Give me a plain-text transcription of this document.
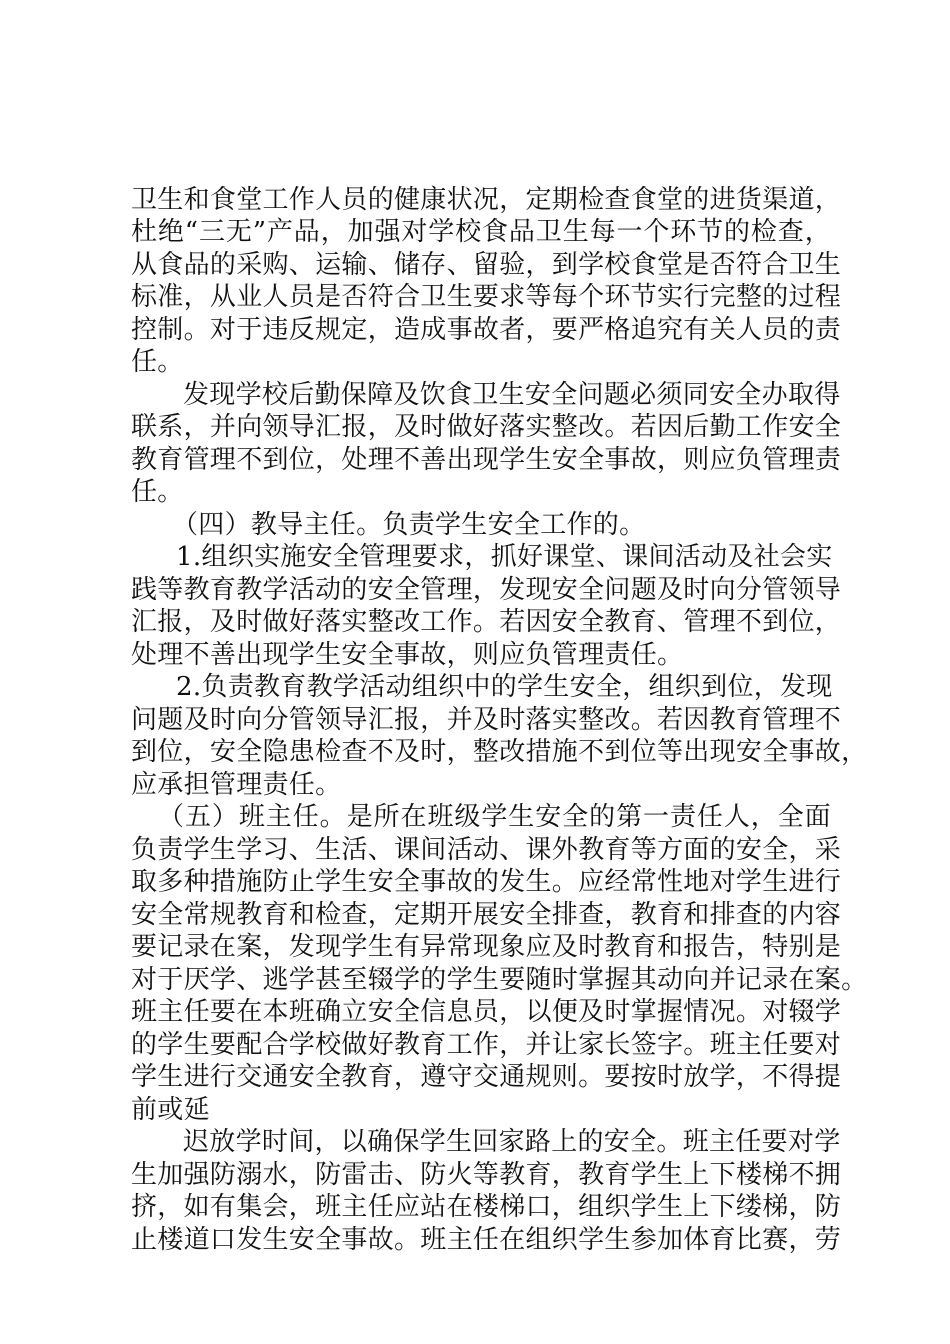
卫生和食堂工作人员的健康状况，定期检查食堂的进货渠道，
杜绝“三无”产品，加强对学校食品卫生每一个环节的检查，
从食品的采购、运输、储存、留验，到学校食堂是否符合卫生
标准，从业人员是否符合卫生要求等每个环节实行完整的过程
控制。对于违反规定，造成事故者，要严格追究有关人员的责
任。
发现学校后勤保障及饮食卫生安全问题必须同安全办取得
联系，并向领导汇报，及时做好落实整改。若因后勤工作安全
教育管理不到位，处理不善出现学生安全事故，则应负管理责
任。
（四）教导主任。负责学生安全工作的。
1.组织实施安全管理要求，抓好课堂、课间活动及社会实
践等教育教学活动的安全管理，发现安全问题及时向分管领导
汇报，及时做好落实整改工作。若因安全教育、管理不到位，
处理不善出现学生安全事故，则应负管理责任。
2.负责教育教学活动组织中的学生安全，组织到位，发现
问题及时向分管领导汇报，并及时落实整改。若因教育管理不
到位，安全隐患检查不及时，整改措施不到位等出现安全事故，
应承担管理责任。
（五）班主任。是所在班级学生安全的第一责任人，全面
负责学生学习、生活、课间活动、课外教育等方面的安全，采
取多种措施防止学生安全事故的发生。应经常性地对学生进行
安全常规教育和检查，定期开展安全排查，教育和排查的内容
要记录在案，发现学生有异常现象应及时教育和报告，特别是
对于厌学、逃学甚至辍学的学生要随时掌握其动向并记录在案。
班主任要在本班确立安全信息员，以便及时掌握情况。对辍学
的学生要配合学校做好教育工作，并让家长签字。班主任要对
学生进行交通安全教育，遵守交通规则。要按时放学，不得提
前或延
迟放学时间，以确保学生回家路上的安全。班主任要对学
生加强防溺水，防雷击、防火等教育，教育学生上下楼梯不拥
挤，如有集会，班主任应站在楼梯口，组织学生上下缕梯，防
止楼道口发生安全事故。班主任在组织学生参加体育比赛，劳
